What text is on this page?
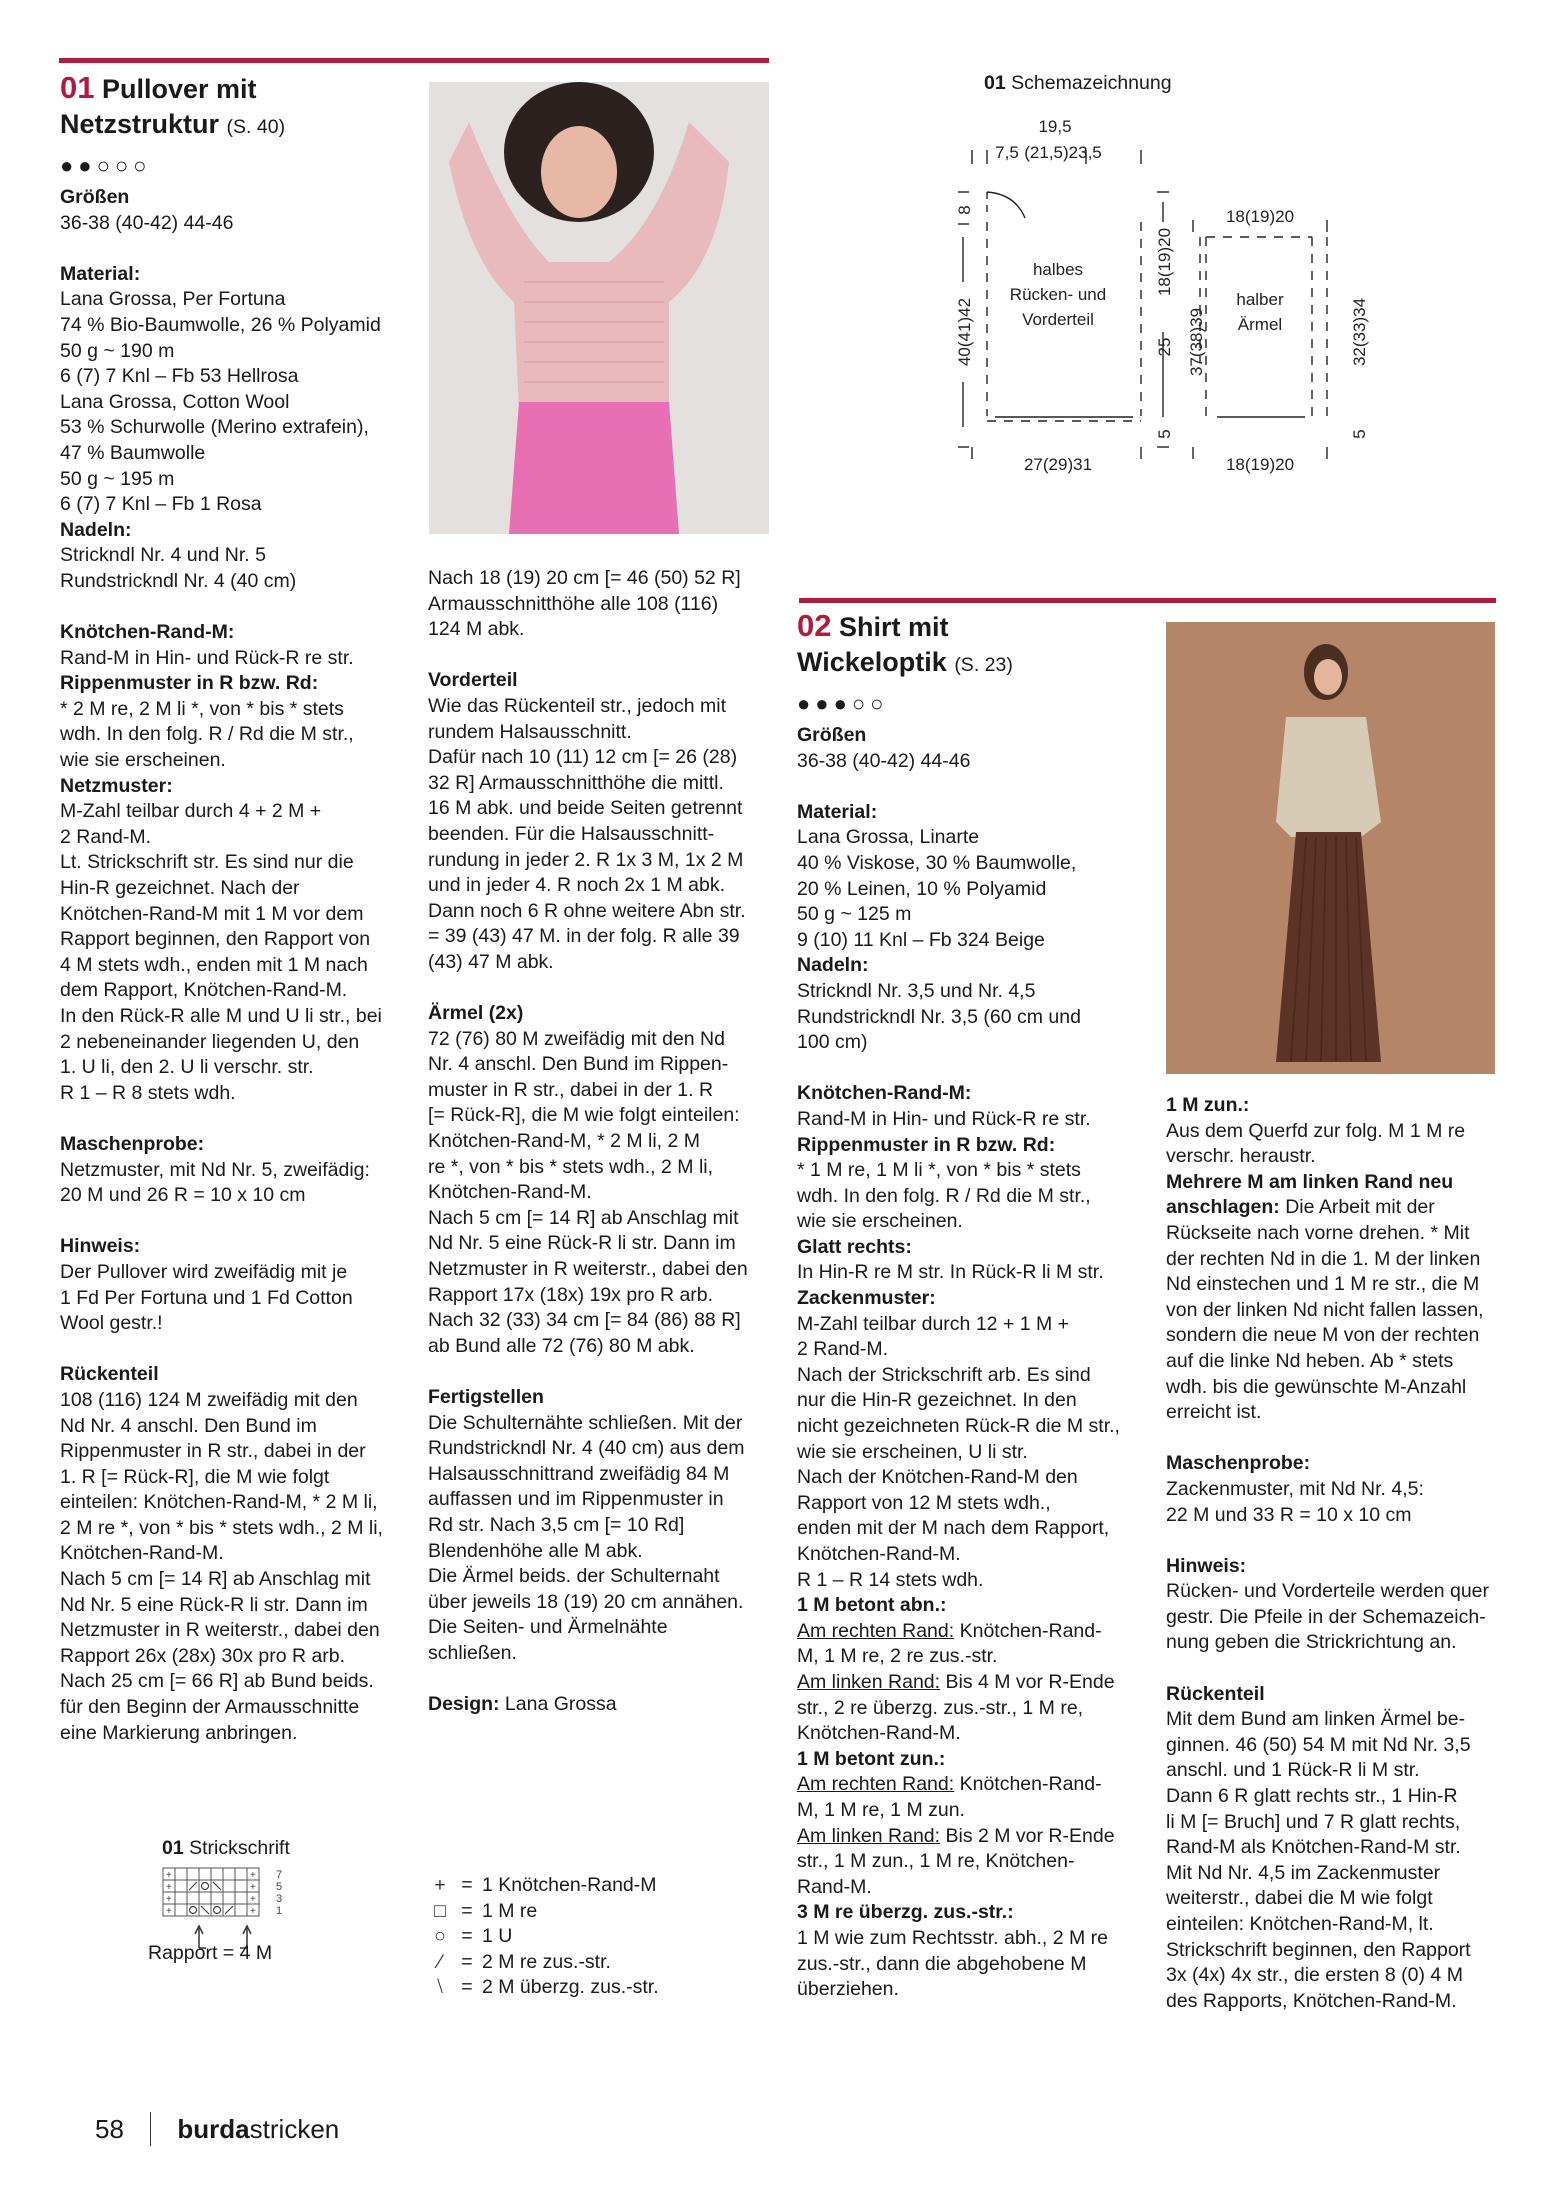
01 Pullover mit
Netzstruktur (S. 40)
●●○○○

Größen

36-38 (40-42) 44-46

Material:

Lana Grossa, Per Fortuna

74 % Bio-Baumwolle, 26 % Polyamid

50 g ~ 190 m

6 (7) 7 Knl – Fb 53 Hellrosa

Lana Grossa, Cotton Wool

53 % Schurwolle (Merino extrafein),

47 % Baumwolle

50 g ~ 195 m

6 (7) 7 Knl – Fb 1 Rosa

Nadeln:

Strickndl Nr. 4 und Nr. 5

Rundstrickndl Nr. 4 (40 cm)

Knötchen-Rand-M:

Rand-M in Hin- und Rück-R re str.

Rippenmuster in R bzw. Rd:

* 2 M re, 2 M li *, von * bis * stets

wdh. In den folg. R / Rd die M str.,

wie sie erscheinen.

Netzmuster:

M-Zahl teilbar durch 4 + 2 M +

2 Rand-M.

Lt. Strickschrift str. Es sind nur die

Hin-R gezeichnet. Nach der

Knötchen-Rand-M mit 1 M vor dem

Rapport beginnen, den Rapport von

4 M stets wdh., enden mit 1 M nach

dem Rapport, Knötchen-Rand-M.

In den Rück-R alle M und U li str., bei

2 nebeneinander liegenden U, den

1. U li, den 2. U li verschr. str.

R 1 – R 8 stets wdh.

Maschenprobe:

Netzmuster, mit Nd Nr. 5, zweifädig:

20 M und 26 R = 10 x 10 cm

Hinweis:

Der Pullover wird zweifädig mit je

1 Fd Per Fortuna und 1 Fd Cotton

Wool gestr.!

Rückenteil

108 (116) 124 M zweifädig mit den

Nd Nr. 4 anschl. Den Bund im

Rippenmuster in R str., dabei in der

1. R [= Rück-R], die M wie folgt

einteilen: Knötchen-Rand-M, * 2 M li,

2 M re *, von * bis * stets wdh., 2 M li,

Knötchen-Rand-M.

Nach 5 cm [= 14 R] ab Anschlag mit

Nd Nr. 5 eine Rück-R li str. Dann im

Netzmuster in R weiterstr., dabei den

Rapport 26x (28x) 30x pro R arb.

Nach 25 cm [= 66 R] ab Bund beids.

für den Beginn der Armausschnitte

eine Markierung anbringen.

Nach 18 (19) 20 cm [= 46 (50) 52 R]

Armausschnitthöhe alle 108 (116)

124 M abk.

Vorderteil

Wie das Rückenteil str., jedoch mit

rundem Halsausschnitt.

Dafür nach 10 (11) 12 cm [= 26 (28)

32 R] Armausschnitthöhe die mittl.

16 M abk. und beide Seiten getrennt

beenden. Für die Halsausschnitt-

rundung in jeder 2. R 1x 3 M, 1x 2 M

und in jeder 4. R noch 2x 1 M abk.

Dann noch 6 R ohne weitere Abn str.

= 39 (43) 47 M. in der folg. R alle 39

(43) 47 M abk.

Ärmel (2x)

72 (76) 80 M zweifädig mit den Nd

Nr. 4 anschl. Den Bund im Rippen-

muster in R str., dabei in der 1. R

[= Rück-R], die M wie folgt einteilen:

Knötchen-Rand-M, * 2 M li, 2 M

re *, von * bis * stets wdh., 2 M li,

Knötchen-Rand-M.

Nach 5 cm [= 14 R] ab Anschlag mit

Nd Nr. 5 eine Rück-R li str. Dann im

Netzmuster in R weiterstr., dabei den

Rapport 17x (18x) 19x pro R arb.

Nach 32 (33) 34 cm [= 84 (86) 88 R]

ab Bund alle 72 (76) 80 M abk.

Fertigstellen

Die Schulternähte schließen. Mit der

Rundstrickndl Nr. 4 (40 cm) aus dem

Halsausschnittrand zweifädig 84 M

auffassen und im Rippenmuster in

Rd str. Nach 3,5 cm [= 10 Rd]

Blendenhöhe alle M abk.

Die Ärmel beids. der Schulternaht

über jeweils 18 (19) 20 cm annähen.

Die Seiten- und Ärmelnähte

schließen.

Design: Lana Grossa

01 Strickschrift
+
+
+
+
+
+
+
+
7
5
3
1
Rapport = 4 M
+ = 1 Knötchen-Rand-M
□ = 1 M re
○ = 1 U
⁄	= 2 M re zus.-str.
⧵ = 2 M überzg. zus.-str.
01 Schemazeichnung
19,5
7,5 (21,5)23,5
halbes
Rücken- und
Vorderteil
27(29)31
18(19)20
halber
Ärmel
18(19)20
8
40(41)42
18(19)20
25
5
37(38)39	32(33)34
5
02 Shirt mit
Wickeloptik (S. 23)
●●●○○

Größen

36-38 (40-42) 44-46

Material:

Lana Grossa, Linarte

40 % Viskose, 30 % Baumwolle,

20 % Leinen, 10 % Polyamid

50 g ~ 125 m

9 (10) 11 Knl – Fb 324 Beige

Nadeln:

Strickndl Nr. 3,5 und Nr. 4,5

Rundstrickndl Nr. 3,5 (60 cm und

100 cm)

Knötchen-Rand-M:

Rand-M in Hin- und Rück-R re str.

Rippenmuster in R bzw. Rd:

* 1 M re, 1 M li *, von * bis * stets

wdh. In den folg. R / Rd die M str.,

wie sie erscheinen.

Glatt rechts:

In Hin-R re M str. In Rück-R li M str.

Zackenmuster:

M-Zahl teilbar durch 12 + 1 M +

2 Rand-M.

Nach der Strickschrift arb. Es sind

nur die Hin-R gezeichnet. In den

nicht gezeichneten Rück-R die M str.,

wie sie erscheinen, U li str.

Nach der Knötchen-Rand-M den

Rapport von 12 M stets wdh.,

enden mit der M nach dem Rapport,

Knötchen-Rand-M.

R 1 – R 14 stets wdh.

1 M betont abn.:

Am rechten Rand: Knötchen-Rand-

M, 1 M re, 2 re zus.-str.

Am linken Rand: Bis 4 M vor R-Ende

str., 2 re überzg. zus.-str., 1 M re,

Knötchen-Rand-M.

1 M betont zun.:

Am rechten Rand: Knötchen-Rand-

M, 1 M re, 1 M zun.

Am linken Rand: Bis 2 M vor R-Ende

str., 1 M zun., 1 M re, Knötchen-

Rand-M.

3 M re überzg. zus.-str.:

1 M wie zum Rechtsstr. abh., 2 M re

zus.-str., dann die abgehobene M

überziehen.

1 M zun.:

Aus dem Querfd zur folg. M 1 M re

verschr. heraustr.

Mehrere M am linken Rand neu

anschlagen: Die Arbeit mit der

Rückseite nach vorne drehen. * Mit

der rechten Nd in die 1. M der linken

Nd einstechen und 1 M re str., die M

von der linken Nd nicht fallen lassen,

sondern die neue M von der rechten

auf die linke Nd heben. Ab * stets

wdh. bis die gewünschte M-Anzahl

erreicht ist.

Maschenprobe:

Zackenmuster, mit Nd Nr. 4,5:

22 M und 33 R = 10 x 10 cm

Hinweis:

Rücken- und Vorderteile werden quer

gestr. Die Pfeile in der Schemazeich-

nung geben die Strickrichtung an.

Rückenteil

Mit dem Bund am linken Ärmel be-

ginnen. 46 (50) 54 M mit Nd Nr. 3,5

anschl. und 1 Rück-R li M str.

Dann 6 R glatt rechts str., 1 Hin-R

li M [= Bruch] und 7 R glatt rechts,

Rand-M als Knötchen-Rand-M str.

Mit Nd Nr. 4,5 im Zackenmuster

weiterstr., dabei die M wie folgt

einteilen: Knötchen-Rand-M, lt.

Strickschrift beginnen, den Rapport

3x (4x) 4x str., die ersten 8 (0) 4 M

des Rapports, Knötchen-Rand-M.

58 burdastricken
